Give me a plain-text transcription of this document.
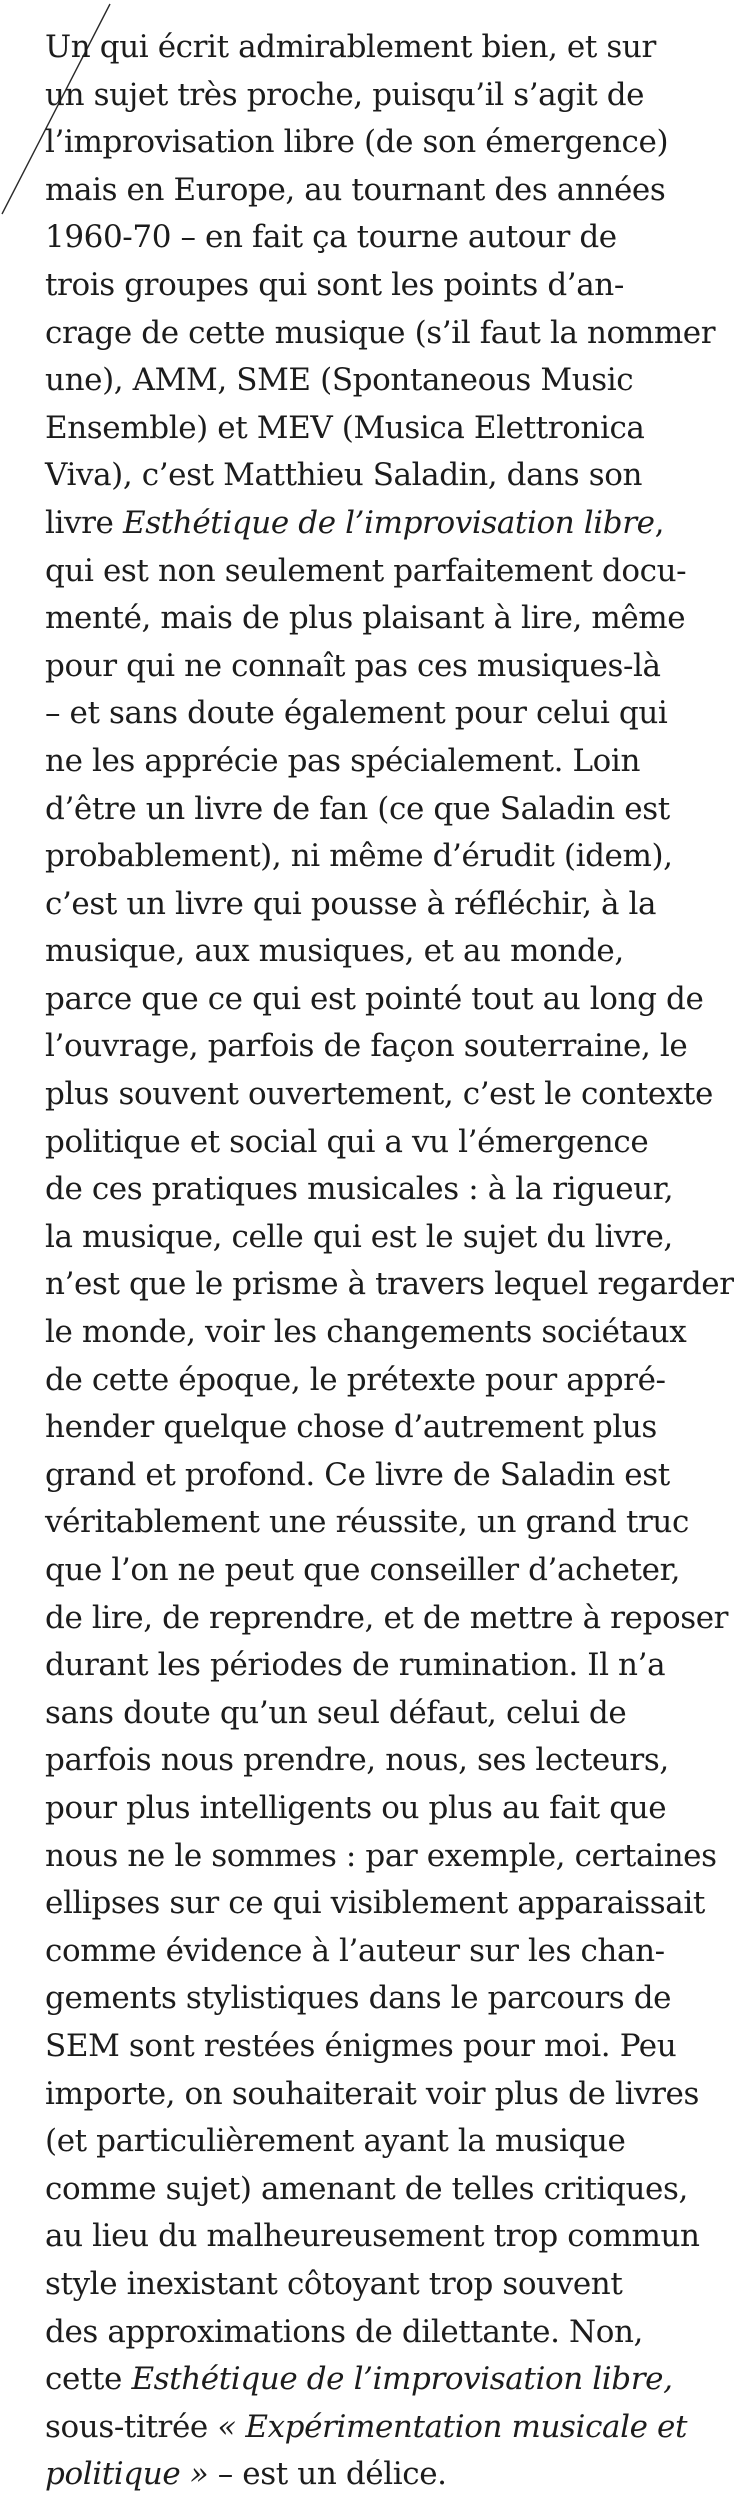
Un qui écrit admirablement bien, et sur
un sujet très proche, puisqu’il s’agit de
l’improvisation libre (de son émergence)
mais en Europe, au tournant des années
1960-70 – en fait ça tourne autour de
trois groupes qui sont les points d’an-
crage de cette musique (s’il faut la nommer
une), AMM, SME (Spontaneous Music
Ensemble) et MEV (Musica Elettronica
Viva), c’est Matthieu Saladin, dans son
livre Esthétique de l’improvisation libre,
qui est non seulement parfaitement docu-
menté, mais de plus plaisant à lire, même
pour qui ne connaît pas ces musiques-là
– et sans doute également pour celui qui
ne les apprécie pas spécialement. Loin
d’être un livre de fan (ce que Saladin est
probablement), ni même d’érudit (idem),
c’est un livre qui pousse à réfléchir, à la
musique, aux musiques, et au monde,
parce que ce qui est pointé tout au long de
l’ouvrage, parfois de façon souterraine, le
plus souvent ouvertement, c’est le contexte
politique et social qui a vu l’émergence
de ces pratiques musicales : à la rigueur,
la musique, celle qui est le sujet du livre,
n’est que le prisme à travers lequel regarder
le monde, voir les changements sociétaux
de cette époque, le prétexte pour appré-
hender quelque chose d’autrement plus
grand et profond. Ce livre de Saladin est
véritablement une réussite, un grand truc
que l’on ne peut que conseiller d’acheter,
de lire, de reprendre, et de mettre à reposer
durant les périodes de rumination. Il n’a
sans doute qu’un seul défaut, celui de
parfois nous prendre, nous, ses lecteurs,
pour plus intelligents ou plus au fait que
nous ne le sommes : par exemple, certaines
ellipses sur ce qui visiblement apparaissait
comme évidence à l’auteur sur les chan-
gements stylistiques dans le parcours de
SEM sont restées énigmes pour moi. Peu
importe, on souhaiterait voir plus de livres
(et particulièrement ayant la musique
comme sujet) amenant de telles critiques,
au lieu du malheureusement trop commun
style inexistant côtoyant trop souvent
des approximations de dilettante. Non,
cette Esthétique de l’improvisation libre,
sous-titrée « Expérimentation musicale et
politique » – est un délice.
